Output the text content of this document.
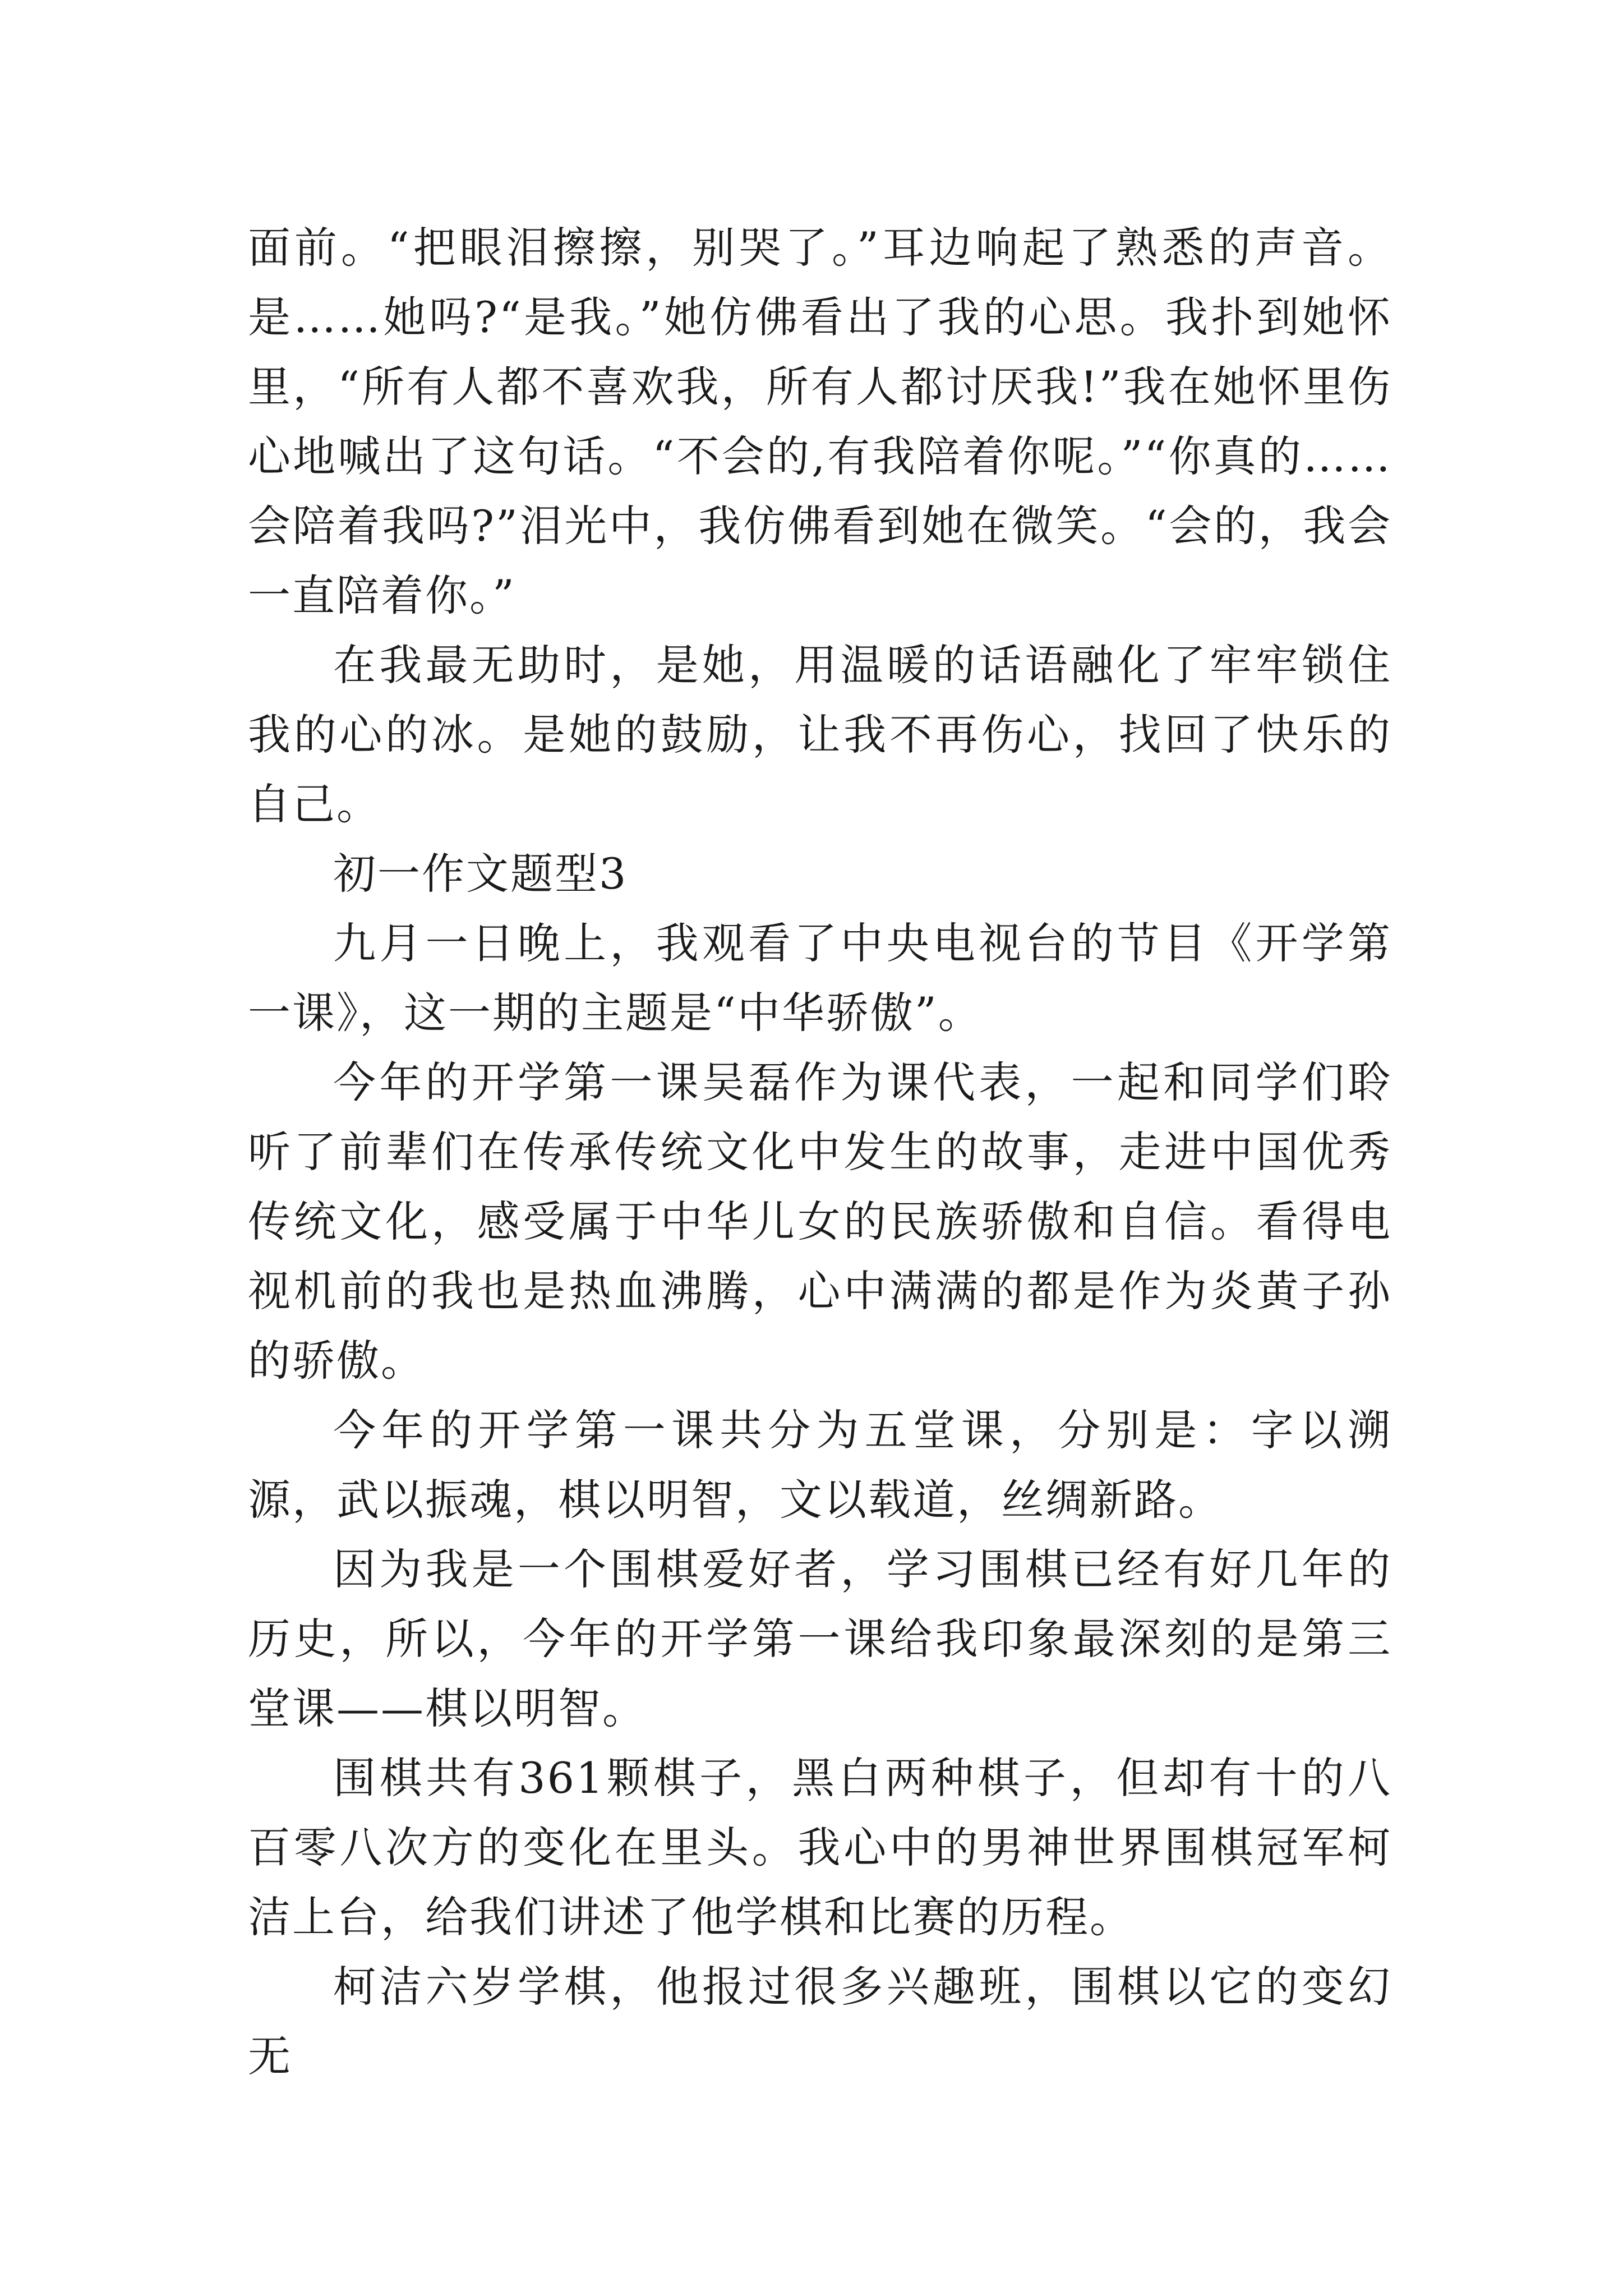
面前。“把眼泪擦擦，别哭了。”耳边响起了熟悉的声音。是……她吗?“是我。”她仿佛看出了我的心思。我扑到她怀里，“所有人都不喜欢我，所有人都讨厌我!”我在她怀里伤心地喊出了这句话。“不会的,有我陪着你呢。”“你真的……会陪着我吗?”泪光中，我仿佛看到她在微笑。“会的，我会一直陪着你。”

在我最无助时，是她，用温暖的话语融化了牢牢锁住我的心的冰。是她的鼓励，让我不再伤心，找回了快乐的自己。

初一作文题型3

九月一日晚上，我观看了中央电视台的节目《开学第一课》，这一期的主题是“中华骄傲”。

今年的开学第一课吴磊作为课代表，一起和同学们聆听了前辈们在传承传统文化中发生的故事，走进中国优秀传统文化，感受属于中华儿女的民族骄傲和自信。看得电视机前的我也是热血沸腾，心中满满的都是作为炎黄子孙的骄傲。

今年的开学第一课共分为五堂课，分别是：字以溯源，武以振魂，棋以明智，文以载道，丝绸新路。

因为我是一个围棋爱好者，学习围棋已经有好几年的历史，所以，今年的开学第一课给我印象最深刻的是第三堂课——棋以明智。

围棋共有361颗棋子，黑白两种棋子，但却有十的八百零八次方的变化在里头。我心中的男神世界围棋冠军柯洁上台，给我们讲述了他学棋和比赛的历程。

柯洁六岁学棋，他报过很多兴趣班，围棋以它的变幻无
